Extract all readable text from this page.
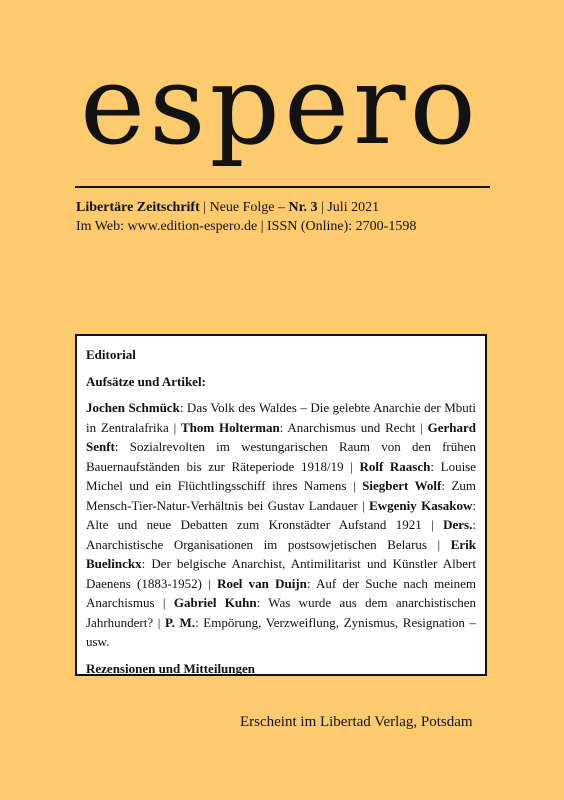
espero
Libertäre Zeitschrift | Neue Folge – Nr. 3 | Juli 2021
Im Web: www.edition-espero.de | ISSN (Online): 2700-1598
Editorial
Aufsätze und Artikel:
Jochen Schmück: Das Volk des Waldes – Die gelebte Anarchie der Mbuti in Zentralafrika | Thom Holterman: Anarchismus und Recht | Gerhard Senft: Sozialrevolten im westungarischen Raum von den frühen Bauernaufständen bis zur Räteperiode 1918/19 | Rolf Raasch: Louise Michel und ein Flüchtlingsschiff ihres Namens | Siegbert Wolf: Zum Mensch-Tier-Natur-Verhältnis bei Gustav Landauer | Ewgeniy Kasakow: Alte und neue Debatten zum Kronstädter Aufstand 1921 | Ders.: Anarchistische Organisationen im postsowjetischen Belarus | Erik Buelinckx: Der belgische Anarchist, Antimilitarist und Künstler Albert Daenens (1883-1952) | Roel van Duijn: Auf der Suche nach meinem Anarchismus | Gabriel Kuhn: Was wurde aus dem anarchistischen Jahrhundert? | P. M.: Empörung, Verzweiflung, Zynismus, Resignation – usw.
Rezensionen und Mitteilungen
Erscheint im Libertad Verlag, Potsdam
